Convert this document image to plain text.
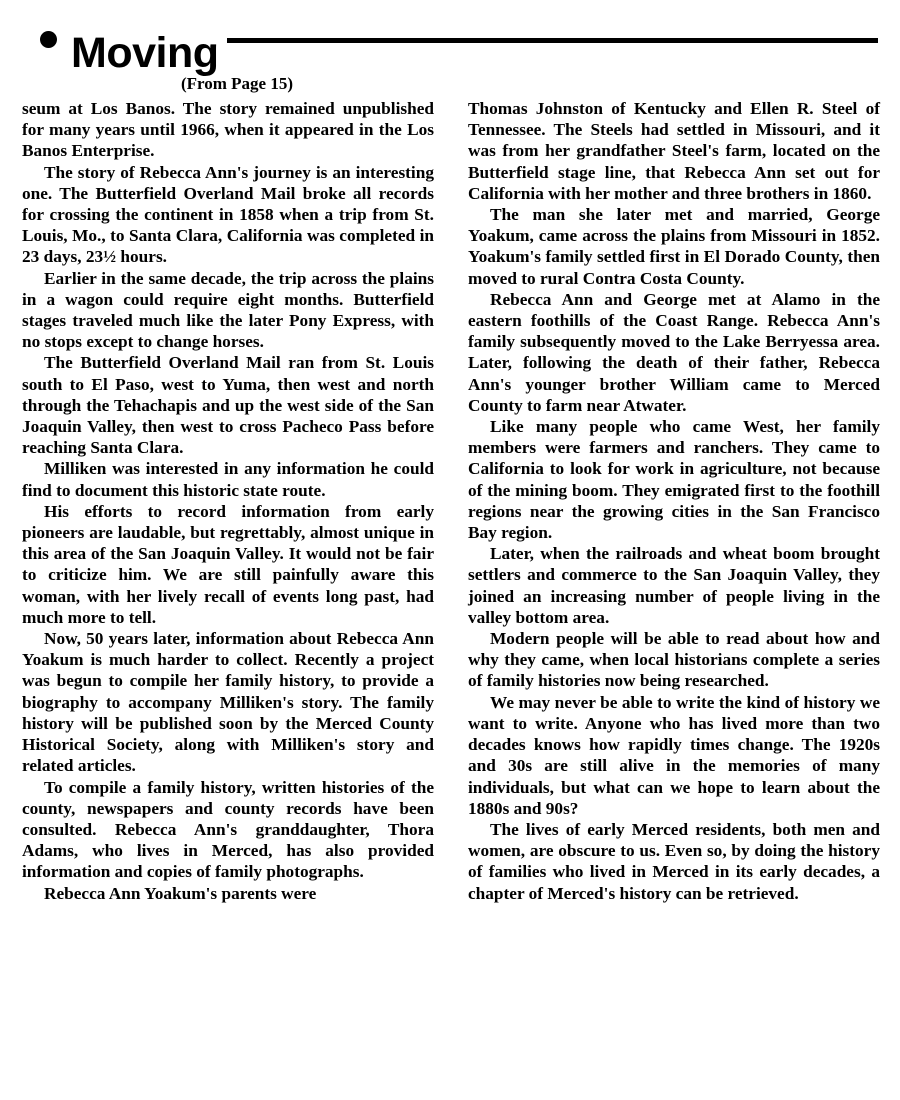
Moving
(From Page 15)

seum at Los Banos. The story remained unpublished for many years until 1966, when it appeared in the Los Banos Enterprise.

The story of Rebecca Ann's journey is an interesting one. The Butterfield Overland Mail broke all records for crossing the continent in 1858 when a trip from St. Louis, Mo., to Santa Clara, California was completed in 23 days, 23½ hours.

Earlier in the same decade, the trip across the plains in a wagon could require eight months. Butterfield stages traveled much like the later Pony Express, with no stops except to change horses.

The Butterfield Overland Mail ran from St. Louis south to El Paso, west to Yuma, then west and north through the Tehachapis and up the west side of the San Joaquin Valley, then west to cross Pacheco Pass before reaching Santa Clara.

Milliken was interested in any information he could find to document this historic state route.

His efforts to record information from early pioneers are laudable, but regrettably, almost unique in this area of the San Joaquin Valley. It would not be fair to criticize him. We are still painfully aware this woman, with her lively recall of events long past, had much more to tell.

Now, 50 years later, information about Rebecca Ann Yoakum is much harder to collect. Recently a project was begun to compile her family history, to provide a biography to accompany Milliken's story. The family history will be published soon by the Merced County Historical Society, along with Milliken's story and related articles.

To compile a family history, written histories of the county, newspapers and county records have been consulted. Rebecca Ann's granddaughter, Thora Adams, who lives in Merced, has also provided information and copies of family photographs.

Rebecca Ann Yoakum's parents were

Thomas Johnston of Kentucky and Ellen R. Steel of Tennessee. The Steels had settled in Missouri, and it was from her grandfather Steel's farm, located on the Butterfield stage line, that Rebecca Ann set out for California with her mother and three brothers in 1860.

The man she later met and married, George Yoakum, came across the plains from Missouri in 1852. Yoakum's family settled first in El Dorado County, then moved to rural Contra Costa County.

Rebecca Ann and George met at Alamo in the eastern foothills of the Coast Range. Rebecca Ann's family subsequently moved to the Lake Berryessa area. Later, following the death of their father, Rebecca Ann's younger brother William came to Merced County to farm near Atwater.

Like many people who came West, her family members were farmers and ranchers. They came to California to look for work in agriculture, not because of the mining boom. They emigrated first to the foothill regions near the growing cities in the San Francisco Bay region.

Later, when the railroads and wheat boom brought settlers and commerce to the San Joaquin Valley, they joined an increasing number of people living in the valley bottom area.

Modern people will be able to read about how and why they came, when local historians complete a series of family histories now being researched.

We may never be able to write the kind of history we want to write. Anyone who has lived more than two decades knows how rapidly times change. The 1920s and 30s are still alive in the memories of many individuals, but what can we hope to learn about the 1880s and 90s?

The lives of early Merced residents, both men and women, are obscure to us. Even so, by doing the history of families who lived in Merced in its early decades, a chapter of Merced's history can be retrieved.
